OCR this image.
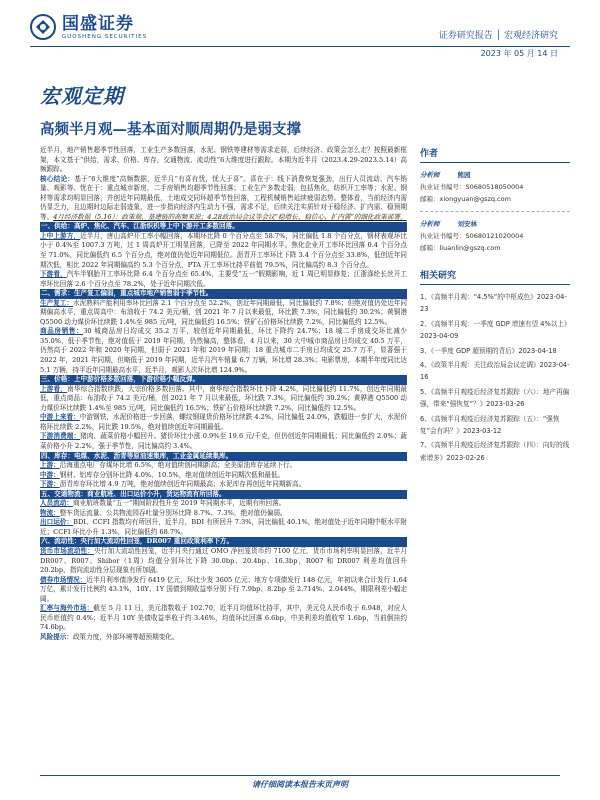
国盛证券
GUOSHENG SECURITIES	证券研究报告 │ 宏观经济研究
2023 年 05 月 14 日
宏观定期
高频半月观—基本面对顺周期仍是弱支撑

近半月，地产销售超季节性回落，工业生产多数回落，水泥、钢铁等建材等需求走弱，后续经济、政策会怎么走？按照最新框架，本文基于“供给，需求、价格、库存，交通物流、流动性”6大维度进行跟踪。本期为近半月（2023.4.29-2023.5.14）高频跟踪。

核心结论：基于“6大维度”高频数据，近半月“有喜有忧，忧大于喜”。喜在于：线下消费恢复强劲，出行人员流动、汽车销量、观影等、忧在于：重点城市新房、二手房销售均超季节性回落；工业生产多数走弱，包括焦化，纺织开工率等；水泥、钢材等需求均明显回落，并创近年同期最低，土地成交同环超季节性回落，工程机械销售延续疲弱态势。整体看，当前经济内需仍显乏力，且边期时边际走弱迹象，进一步指向经济内生动力不强，需求不足，后续关注实质针对于稳经济、扩内需、稳预期等。4月经济数据（5.16）：政策端，基建链的高频来说；4.28政治局会议等会议“稳增长、稳信心、扩内需”的细化政策部署。

一、供给：高炉、焦化、汽车、江浙织机等上中下游开工多数回落。

上中上游方，近半月，唐山高炉开工率小幅回落，本期环比降 0 个百分点至 58.7%，同比偏低 1.8 个百分点，钢材表观环比小于 0.4%至 1007.3 万吨，过 1 周高炉开工明显回落，已降至 2022 年同期水平。焦化企业开工率环比回落 0.4 个百分点至 71.0%，同比偏低约 6.5 个百分点，绝对值仍处近年同期低位。沥青开工率环比下降 3.4 个百分点至 33.8%，低创近年同期次低，相比 2022 年同期偏高约 5.3 个百分点，PTA 开工率环比持平前值 79.5%，同比偏高约 8.3 个百分点。

下游看，汽车半钢胎开工率环比降 6.4 个百分点至 65.4%，主要受“五一”假期影响，近 1 周已明显修复；江浙涤纶长丝开工率环比回落 2.6 个百分点至 78.2%，处于近年同期次低。

二、需求：生产复工偏弱，重点城市地产销售弱于季节性。

生产复工：水泥熟料产能利用率环比回落 2.1 个百分点至 52.2%，创近年同期最低，同比偏低约 7.8%；但绝对值仍处近年同期偏高水平，重点周高中：布油收于 74.2 美元/桶，创 2021 年 7 月以来最低，环比跌 7.3%，同比偏低约 30.2%；黄铜港 Q5500 动力煤价环比续跌 1.4%至 985 元/吨，同比偏低约 16.5%；铁矿石价格环比续跌 7.2%，同比偏低约 12.5%。

商品房销售：30 城商品房日均成交 35.2 万平，较创近年同期最低，环比下降约 24.7%；18 城二手房成交环比减少 35.0%，低于季节性，绝对值低于 2019 年同期，仍然偏高，整体看，4 月以来，30 大中城市商品房日均成交 40.5 万平，仍然高于 2022 年和 2020 年同期，但弱于 2021 年和 2019 年同期；18 重点城市二手房日均成交 25.7 万平，显著强于 2022 年，2021 年同期，但略低于 2019 年同期，近半月汽车销量 6.7 万辆，环比增 28.3%；电影票房，本期半年度同比达 5.1 万辆，持平近年同期最高水平，近半月，观影人次环比增 124.9%。

三、价格：上中游价格多数回落，下游价格小幅反弹。

上游看，南华综合指数续跌，大宗价格多数回落。其中，南华综合指数环比下降 4.2%，同比偏低约 11.7%，创近年同期最低，重点商品：布油收于 74.2 美元/桶，创 2021 年 7 月以来最低，环比跌 7.3%，同比偏低约 30.2%；黄骅港 Q5500 动力煤价环比续跌 1.4%至 985 元/吨，同比偏低约 16.5%；铁矿石价格环比续跌 7.2%，同比偏低约 12.5%。

中游上来看：中游钢铁，水泥价格进一步回落，螺纹钢现货价格环比续跌 4.2%，同比偏低 24.0%，跌幅进一步扩大，水泥价格环比续跌 2.2%，同比跌 19.5%，绝对值续创近年同期最低。

下游消费端：猪肉、蔬菜价格小幅回升。猪价环比小涨 0.9%至 19.6 元/千克，但仍创近年同期最低；同比偏低约 2.0%；蔬菜价格小升 2.2%，强于季节性，同比偏高约 3.4%。

四、库存：电煤、水泥、沥青等原油速集库，工业金属延续集库。

上游：沿海重点电厂存煤环比增 6.5%，绝对值续创同期新高；全美原油库存延续下行。

中游：钢材、铝库存分别环比降 4.0%、10.5%，绝对值续创近年同期次低和最低。

下游：沥青库存环比增 4.9 万吨，绝对值续创近年同期最高；水泥库存再创近年同期新高。

五、交通物流：商业航班、出口运价小升，货运物流有所回落。

人员流动：商业航班数量“五一”期间阶段性升至 2019 年同期水平，近期有所回落。

物流：整车货运流量、公共物流园吞吐量分别环比降 8.7%、7.3%，绝对值仍偏弱。

出口运价：BDI、CCFI 指数均有所回升，近半月，BDI 有所回升 7.3%，同比偏低 40.1%，绝对值处于近年同期中枢水平附近；CCFI 环比小升 1.3%，同比偏低约 68.7%。

六、流动性：央行加大流动性回笼，DR007 重回政策利率下方。

货币市场流动性：央行加大流动性回笼，近半月央行通过 OMO 净回笼货币约 7100 亿元，货币市场利率明显回落，近半月 DR007、R007、Shibor（1周）均值分别环比下降 30.0bp、20.4bp、16.3bp，R007 和 DR007 利差均值回升 20.2bp，指向流动性分层现象有所加剧。

债券市场情况：近半月利率债净发行 6419 亿元，环比少发 3605 亿元；地方专项债发行 148 亿元，年初以来合计发行 1.64 万亿，累计发行比例约 43.1%，10Y、1Y 国债到期收益率分别下行 7.9bp、8.2bp 至 2.714%、2.044%，期限利差小幅走阔。

汇率与海外市场：截至 5 月 11 日，美元指数收于 102.70，近半月均值环比持平，其中，美元兑人民币收于 6.948，对应人民币贬值约 0.4%；近半月 10Y 美债收益率收于约 3.46%，均值环比回落 6.6bp，中美利差均值收窄 1.6bp，当前倒挂约 74.6bp。

风险提示：政策力度，外部环境等超预期变化。

作者
分析师	熊园
执业证书编号：S0680518050004
邮箱：xiongyuan@gszq.com
分析师	刘安林
执业证书编号：S0680121020004
邮箱：liuanlin@gszq.com
相关研究
1、《高频半月观：“4.5%”的中枢成色》2023-04-23
2、《高频半月观：一季度 GDP 增速有望 4%以上》2023-04-09
3、《一季度 GDP 超预期的背后》2023-04-18
4、《政策半月观：关注政治局会议定调》2023-04-16
5、《高频半月观疫后经济复苏跟踪（六）：地产再偏强，带来“强恢复”？》2023-03-26
6、《高频半月观疫后经济复苏跟踪（五）：“强恢复”会有吗？》2023-03-12
7、《高频半月观疫后经济复苏跟踪（四）：向好的线索增多》2023-02-26
请仔细阅读本报告末页声明
